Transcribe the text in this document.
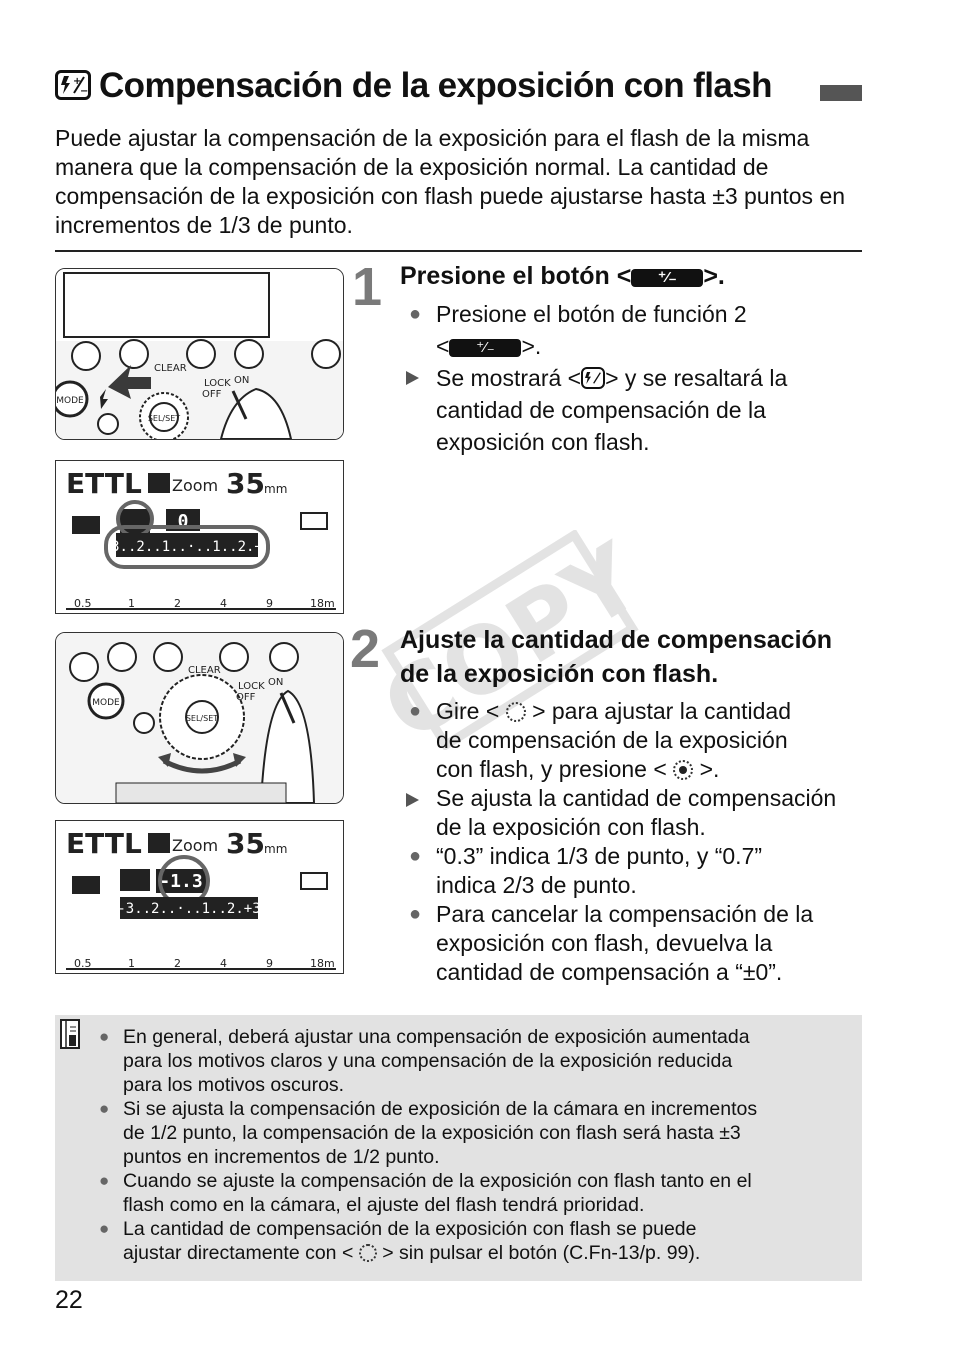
+
− Compensación de la exposición con flash
Puede ajustar la compensación de la exposición para el flash de la misma manera que la compensación de la exposición normal. La cantidad de compensación de la exposición con flash puede ajustarse hasta ±3 puntos en incrementos de 1/3 de punto.
COPY
CLEAR
LOCK
OFF
ON
MODE
SEL/SET
ETTL Zoom 35 mm
0
-3..2..1..·..1..2.+3
0.5	1	2	4	9	18m
CLEAR
LOCK
OFF
ON
MODE
SEL/SET
ETTL Zoom 35 mm
-1.3
-3..2..·..1..2.+3
0.5	1	2	4	9	18m
1 Presione el botón < ⁺⁄₋ >.
● Presione el botón de función 2
< ⁺⁄₋ >.
Se mostrará < > y se resaltará la
cantidad de compensación de la
exposición con flash.
2 Ajuste la cantidad de compensación
de la exposición con flash.
● Gire < > para ajustar la cantidad
de compensación de la exposición
con flash, y presione < >.
Se ajusta la cantidad de compensación
de la exposición con flash.
● “0.3” indica 1/3 de punto, y “0.7”
indica 2/3 de punto.
● Para cancelar la compensación de la
exposición con flash, devuelva la
cantidad de compensación a “±0”.
● En general, deberá ajustar una compensación de exposición aumentada
para los motivos claros y una compensación de la exposición reducida
para los motivos oscuros.
● Si se ajusta la compensación de exposición de la cámara en incrementos
de 1/2 punto, la compensación de la exposición con flash será hasta ±3
puntos en incrementos de 1/2 punto.
● Cuando se ajuste la compensación de la exposición con flash tanto en el
flash como en la cámara, el ajuste del flash tendrá prioridad.
● La cantidad de compensación de la exposición con flash se puede
ajustar directamente con < > sin pulsar el botón (C.Fn-13/p. 99).
22
